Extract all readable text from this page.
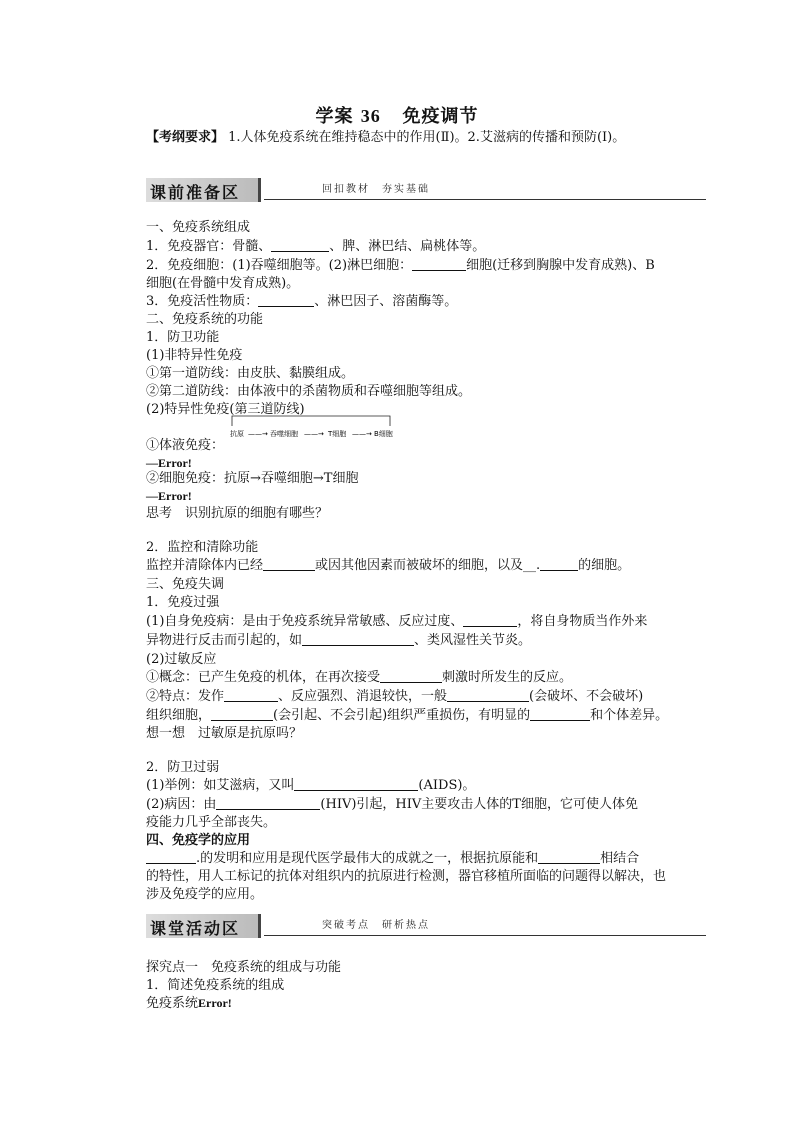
学案 36 免疫调节
【考纲要求】 1.人体免疫系统在维持稳态中的作用(Ⅱ)。2.艾滋病的传播和预防(Ⅰ)。
课前准备区	回扣教材　夯实基础
一、免疫系统组成
1．免疫器官：骨髓、	、脾、淋巴结、扁桃体等。
2．免疫细胞：(1)吞噬细胞等。(2)淋巴细胞：	细胞(迁移到胸腺中发育成熟)、B
细胞(在骨髓中发育成熟)。
3．免疫活性物质：	、淋巴因子、溶菌酶等。
二、免疫系统的功能
1．防卫功能
(1)非特异性免疫
①第一道防线：由皮肤、黏膜组成。
②第二道防线：由体液中的杀菌物质和吞噬细胞等组成。
(2)特异性免疫(第三道防线)
抗原 ——→ 吞噬细胞 ——→ T细胞 ——→ B细胞
①体液免疫：
—Error!
②细胞免疫：抗原→吞噬细胞→T细胞
—Error!
思考　识别抗原的细胞有哪些？
2．监控和清除功能
监控并清除体内已经	或因其他因素而被破坏的细胞，以及__.	的细胞。
三、免疫失调
1．免疫过强
(1)自身免疫病：是由于免疫系统异常敏感、反应过度、	，将自身物质当作外来
异物进行反击而引起的，如	、类风湿性关节炎。
(2)过敏反应
①概念：已产生免疫的机体，在再次接受	刺激时所发生的反应。
②特点：发作	、反应强烈、消退较快，一般	(会破坏、不会破坏)
组织细胞，	(会引起、不会引起)组织严重损伤，有明显的	和个体差异。
想一想　过敏原是抗原吗？
2．防卫过弱
(1)举例：如艾滋病，又叫	(AIDS)。
(2)病因：由	(HIV)引起，HIV主要攻击人体的T细胞，它可使人体免
疫能力几乎全部丧失。
四、免疫学的应用
.的发明和应用是现代医学最伟大的成就之一，根据抗原能和	相结合
的特性，用人工标记的抗体对组织内的抗原进行检测，器官移植所面临的问题得以解决，也
涉及免疫学的应用。
课堂活动区	突破考点　研析热点
探究点一　免疫系统的组成与功能
1．简述免疫系统的组成
免疫系统Error!
